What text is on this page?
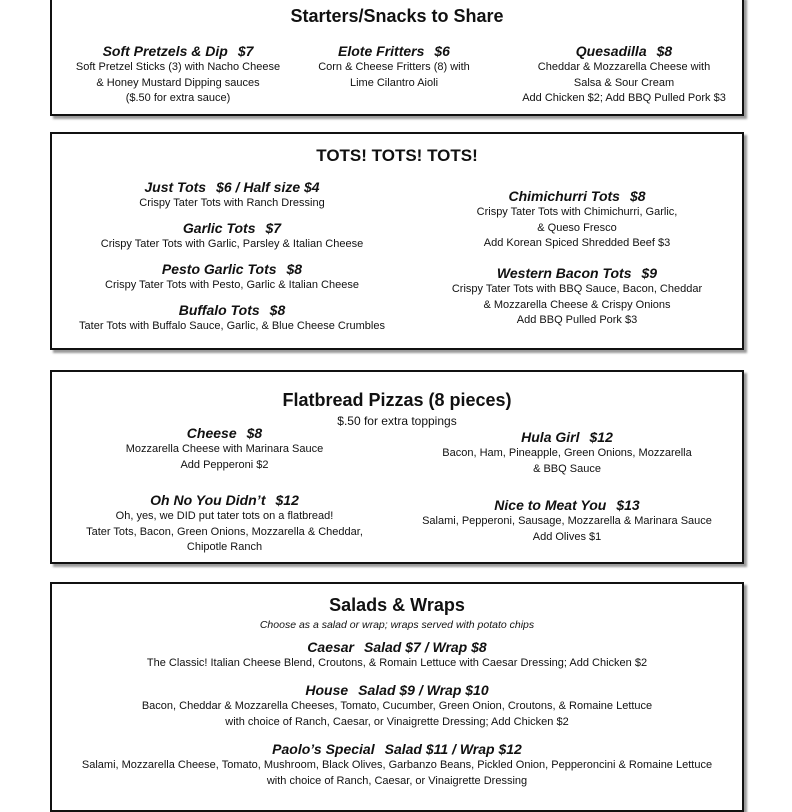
Starters/Snacks to Share
Soft Pretzels & Dip $7
Soft Pretzel Sticks (3) with Nacho Cheese
& Honey Mustard Dipping sauces
($.50 for extra sauce)
Elote Fritters $6
Corn & Cheese Fritters (8) with
Lime Cilantro Aioli
Quesadilla $8
Cheddar & Mozzarella Cheese with
Salsa & Sour Cream
Add Chicken $2; Add BBQ Pulled Pork $3
TOTS! TOTS! TOTS!
Just Tots $6 / Half size $4
Crispy Tater Tots with Ranch Dressing
Garlic Tots $7
Crispy Tater Tots with Garlic, Parsley & Italian Cheese
Pesto Garlic Tots $8
Crispy Tater Tots with Pesto, Garlic & Italian Cheese
Buffalo Tots $8
Tater Tots with Buffalo Sauce, Garlic, & Blue Cheese Crumbles
Chimichurri Tots $8
Crispy Tater Tots with Chimichurri, Garlic,
& Queso Fresco
Add Korean Spiced Shredded Beef $3
Western Bacon Tots $9
Crispy Tater Tots with BBQ Sauce, Bacon, Cheddar
& Mozzarella Cheese & Crispy Onions
Add BBQ Pulled Pork $3
Flatbread Pizzas (8 pieces)
$.50 for extra toppings
Cheese $8
Mozzarella Cheese with Marinara Sauce
Add Pepperoni $2
Oh No You Didn’t $12
Oh, yes, we DID put tater tots on a flatbread!
Tater Tots, Bacon, Green Onions, Mozzarella & Cheddar,
Chipotle Ranch
Hula Girl $12
Bacon, Ham, Pineapple, Green Onions, Mozzarella
& BBQ Sauce
Nice to Meat You $13
Salami, Pepperoni, Sausage, Mozzarella & Marinara Sauce
Add Olives $1
Salads & Wraps
Choose as a salad or wrap; wraps served with potato chips
Caesar Salad $7 / Wrap $8
The Classic! Italian Cheese Blend, Croutons, & Romain Lettuce with Caesar Dressing; Add Chicken $2
House Salad $9 / Wrap $10
Bacon, Cheddar & Mozzarella Cheeses, Tomato, Cucumber, Green Onion, Croutons, & Romaine Lettuce
with choice of Ranch, Caesar, or Vinaigrette Dressing; Add Chicken $2
Paolo’s Special Salad $11 / Wrap $12
Salami, Mozzarella Cheese, Tomato, Mushroom, Black Olives, Garbanzo Beans, Pickled Onion, Pepperoncini & Romaine Lettuce
with choice of Ranch, Caesar, or Vinaigrette Dressing
